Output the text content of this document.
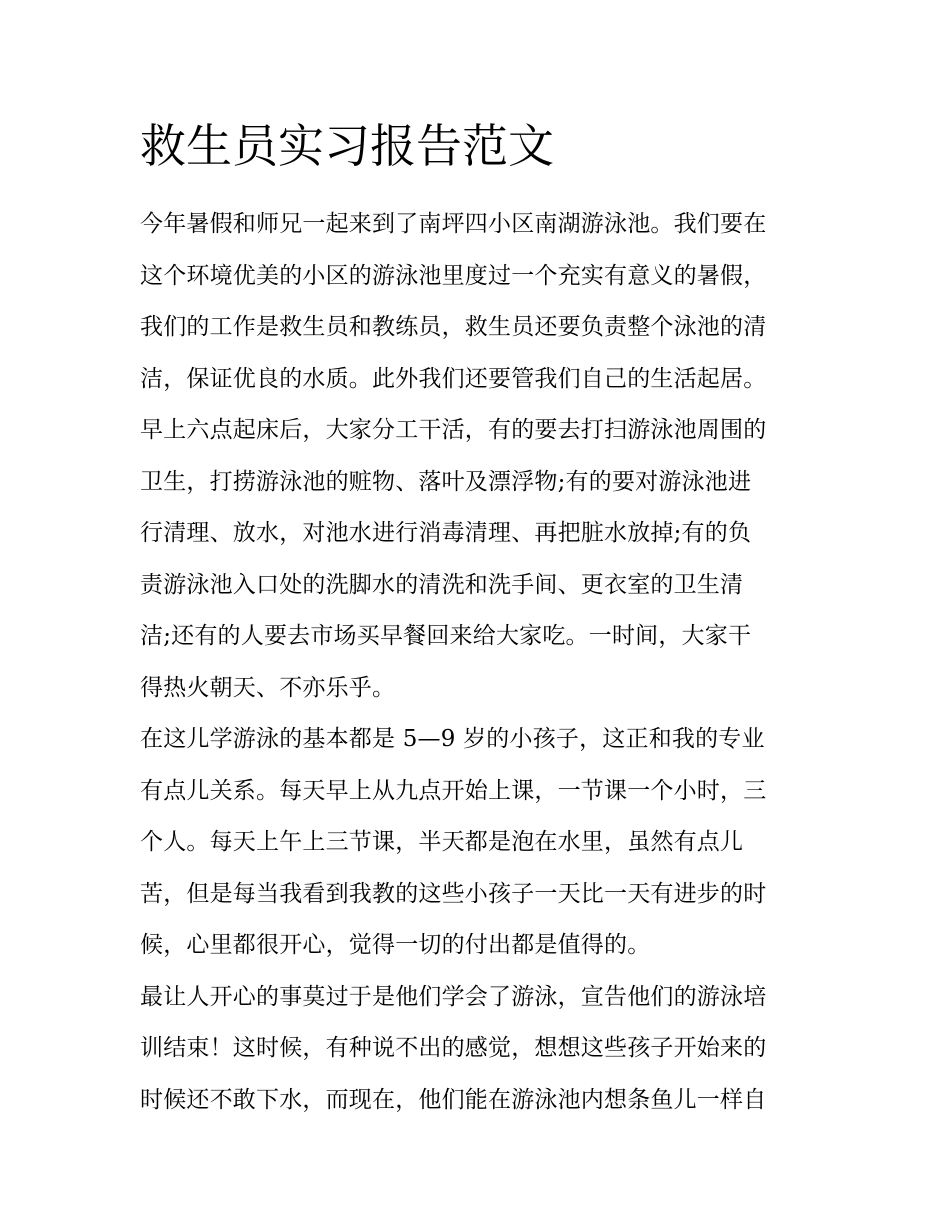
救生员实习报告范文
今年暑假和师兄一起来到了南坪四小区南湖游泳池。我们要在
这个环境优美的小区的游泳池里度过一个充实有意义的暑假，
我们的工作是救生员和教练员，救生员还要负责整个泳池的清
洁，保证优良的水质。此外我们还要管我们自己的生活起居。
早上六点起床后，大家分工干活，有的要去打扫游泳池周围的
卫生，打捞游泳池的赃物、落叶及漂浮物;有的要对游泳池进
行清理、放水，对池水进行消毒清理、再把脏水放掉;有的负
责游泳池入口处的洗脚水的清洗和洗手间、更衣室的卫生清
洁;还有的人要去市场买早餐回来给大家吃。一时间，大家干
得热火朝天、不亦乐乎。
在这儿学游泳的基本都是 5—9 岁的小孩子，这正和我的专业
有点儿关系。每天早上从九点开始上课，一节课一个小时，三
个人。每天上午上三节课，半天都是泡在水里，虽然有点儿
苦，但是每当我看到我教的这些小孩子一天比一天有进步的时
候，心里都很开心，觉得一切的付出都是值得的。
最让人开心的事莫过于是他们学会了游泳，宣告他们的游泳培
训结束！这时候，有种说不出的感觉，想想这些孩子开始来的
时候还不敢下水，而现在，他们能在游泳池内想条鱼儿一样自
